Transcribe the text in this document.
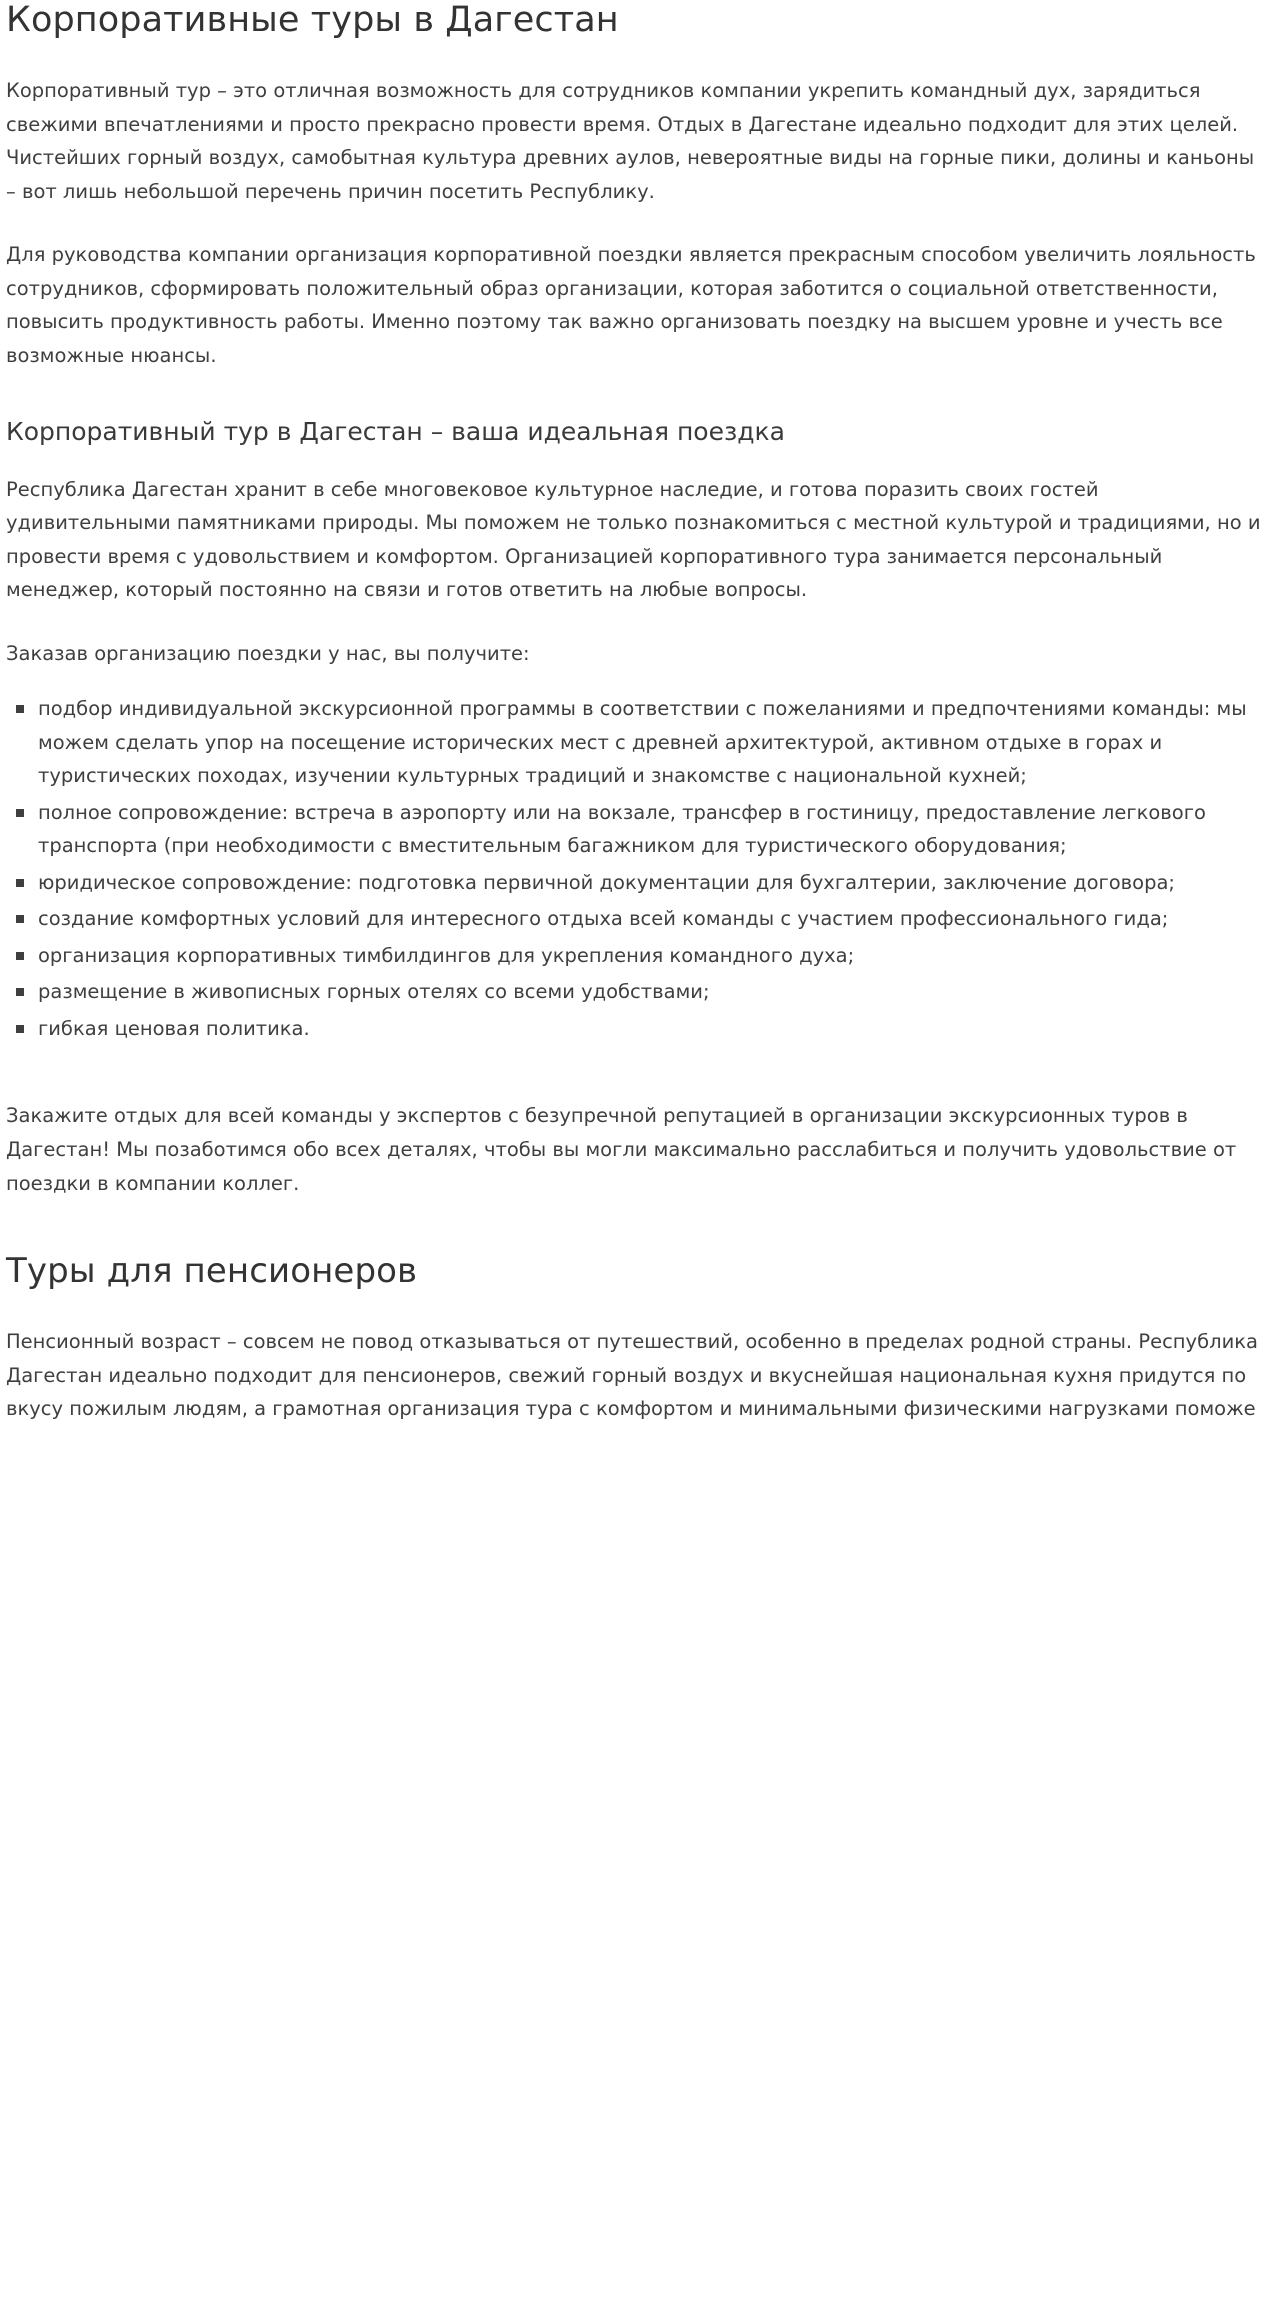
Корпоративные туры в Дагестан

Корпоративный тур – это отличная возможность для сотрудников компании укрепить командный дух, зарядиться свежими впечатлениями и просто прекрасно провести время. Отдых в Дагестане идеально подходит для этих целей. Чистейших горный воздух, самобытная культура древних аулов, невероятные виды на горные пики, долины и каньоны – вот лишь небольшой перечень причин посетить Республику.

Для руководства компании организация корпоративной поездки является прекрасным способом увеличить лояльность сотрудников, сформировать положительный образ организации, которая заботится о социальной ответственности, повысить продуктивность работы. Именно поэтому так важно организовать поездку на высшем уровне и учесть все возможные нюансы.

Корпоративный тур в Дагестан – ваша идеальная поездка

Республика Дагестан хранит в себе многовековое культурное наследие, и готова поразить своих гостей удивительными памятниками природы. Мы поможем не только познакомиться с местной культурой и традициями, но и провести время с удовольствием и комфортом. Организацией корпоративного тура занимается персональный менеджер, который постоянно на связи и готов ответить на любые вопросы.

Заказав организацию поездки у нас, вы получите:

подбор индивидуальной экскурсионной программы в соответствии с пожеланиями и предпочтениями команды: мы можем сделать упор на посещение исторических мест с древней архитектурой, активном отдыхе в горах и туристических походах, изучении культурных традиций и знакомстве с национальной кухней;
полное сопровождение: встреча в аэропорту или на вокзале, трансфер в гостиницу, предоставление легкового транспорта (при необходимости с вместительным багажником для туристического оборудования;
юридическое сопровождение: подготовка первичной документации для бухгалтерии, заключение договора;
создание комфортных условий для интересного отдыха всей команды с участием профессионального гида;
организация корпоративных тимбилдингов для укрепления командного духа;
размещение в живописных горных отелях со всеми удобствами;
гибкая ценовая политика.

Закажите отдых для всей команды у экспертов с безупречной репутацией в организации экскурсионных туров в Дагестан! Мы позаботимся обо всех деталях, чтобы вы могли максимально расслабиться и получить удовольствие от поездки в компании коллег.

Туры для пенсионеров

Пенсионный возраст – совсем не повод отказываться от путешествий, особенно в пределах родной страны. Республика Дагестан идеально подходит для пенсионеров, свежий горный воздух и вкуснейшая национальная кухня придутся по вкусу пожилым людям, а грамотная организация тура с комфортом и минимальными физическими нагрузками поможе
